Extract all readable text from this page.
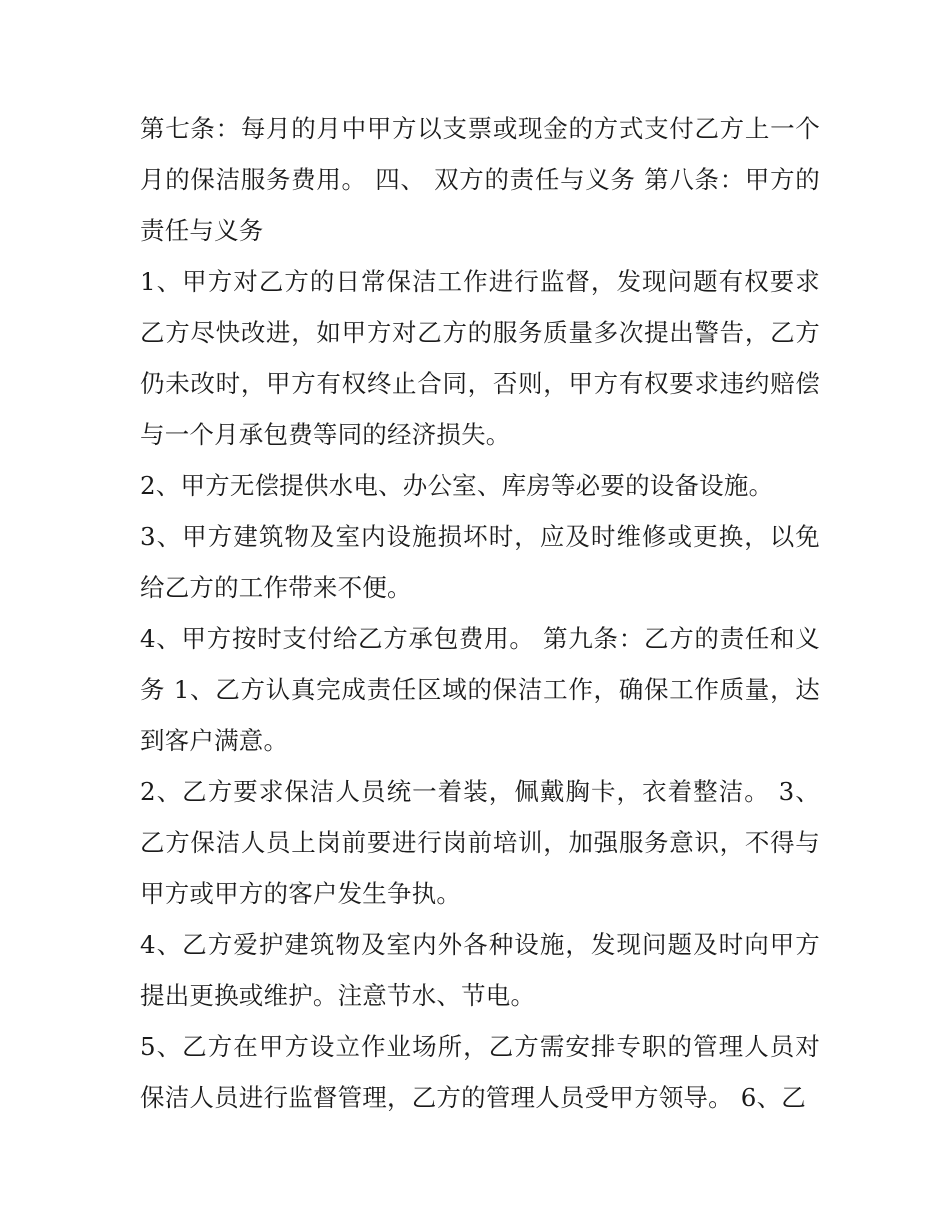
第七条：每月的月中甲方以支票或现金的方式支付乙方上一个月的保洁服务费用。 四、 双方的责任与义务 第八条：甲方的责任与义务

1、甲方对乙方的日常保洁工作进行监督，发现问题有权要求乙方尽快改进，如甲方对乙方的服务质量多次提出警告，乙方仍未改时，甲方有权终止合同，否则，甲方有权要求违约赔偿与一个月承包费等同的经济损失。

2、甲方无偿提供水电、办公室、库房等必要的设备设施。

3、甲方建筑物及室内设施损坏时，应及时维修或更换，以免给乙方的工作带来不便。

4、甲方按时支付给乙方承包费用。 第九条：乙方的责任和义务 1、乙方认真完成责任区域的保洁工作，确保工作质量，达到客户满意。

2、乙方要求保洁人员统一着装，佩戴胸卡，衣着整洁。 3、乙方保洁人员上岗前要进行岗前培训，加强服务意识，不得与甲方或甲方的客户发生争执。

4、乙方爱护建筑物及室内外各种设施，发现问题及时向甲方提出更换或维护。注意节水、节电。

5、乙方在甲方设立作业场所，乙方需安排专职的管理人员对保洁人员进行监督管理，乙方的管理人员受甲方领导。 6、乙
